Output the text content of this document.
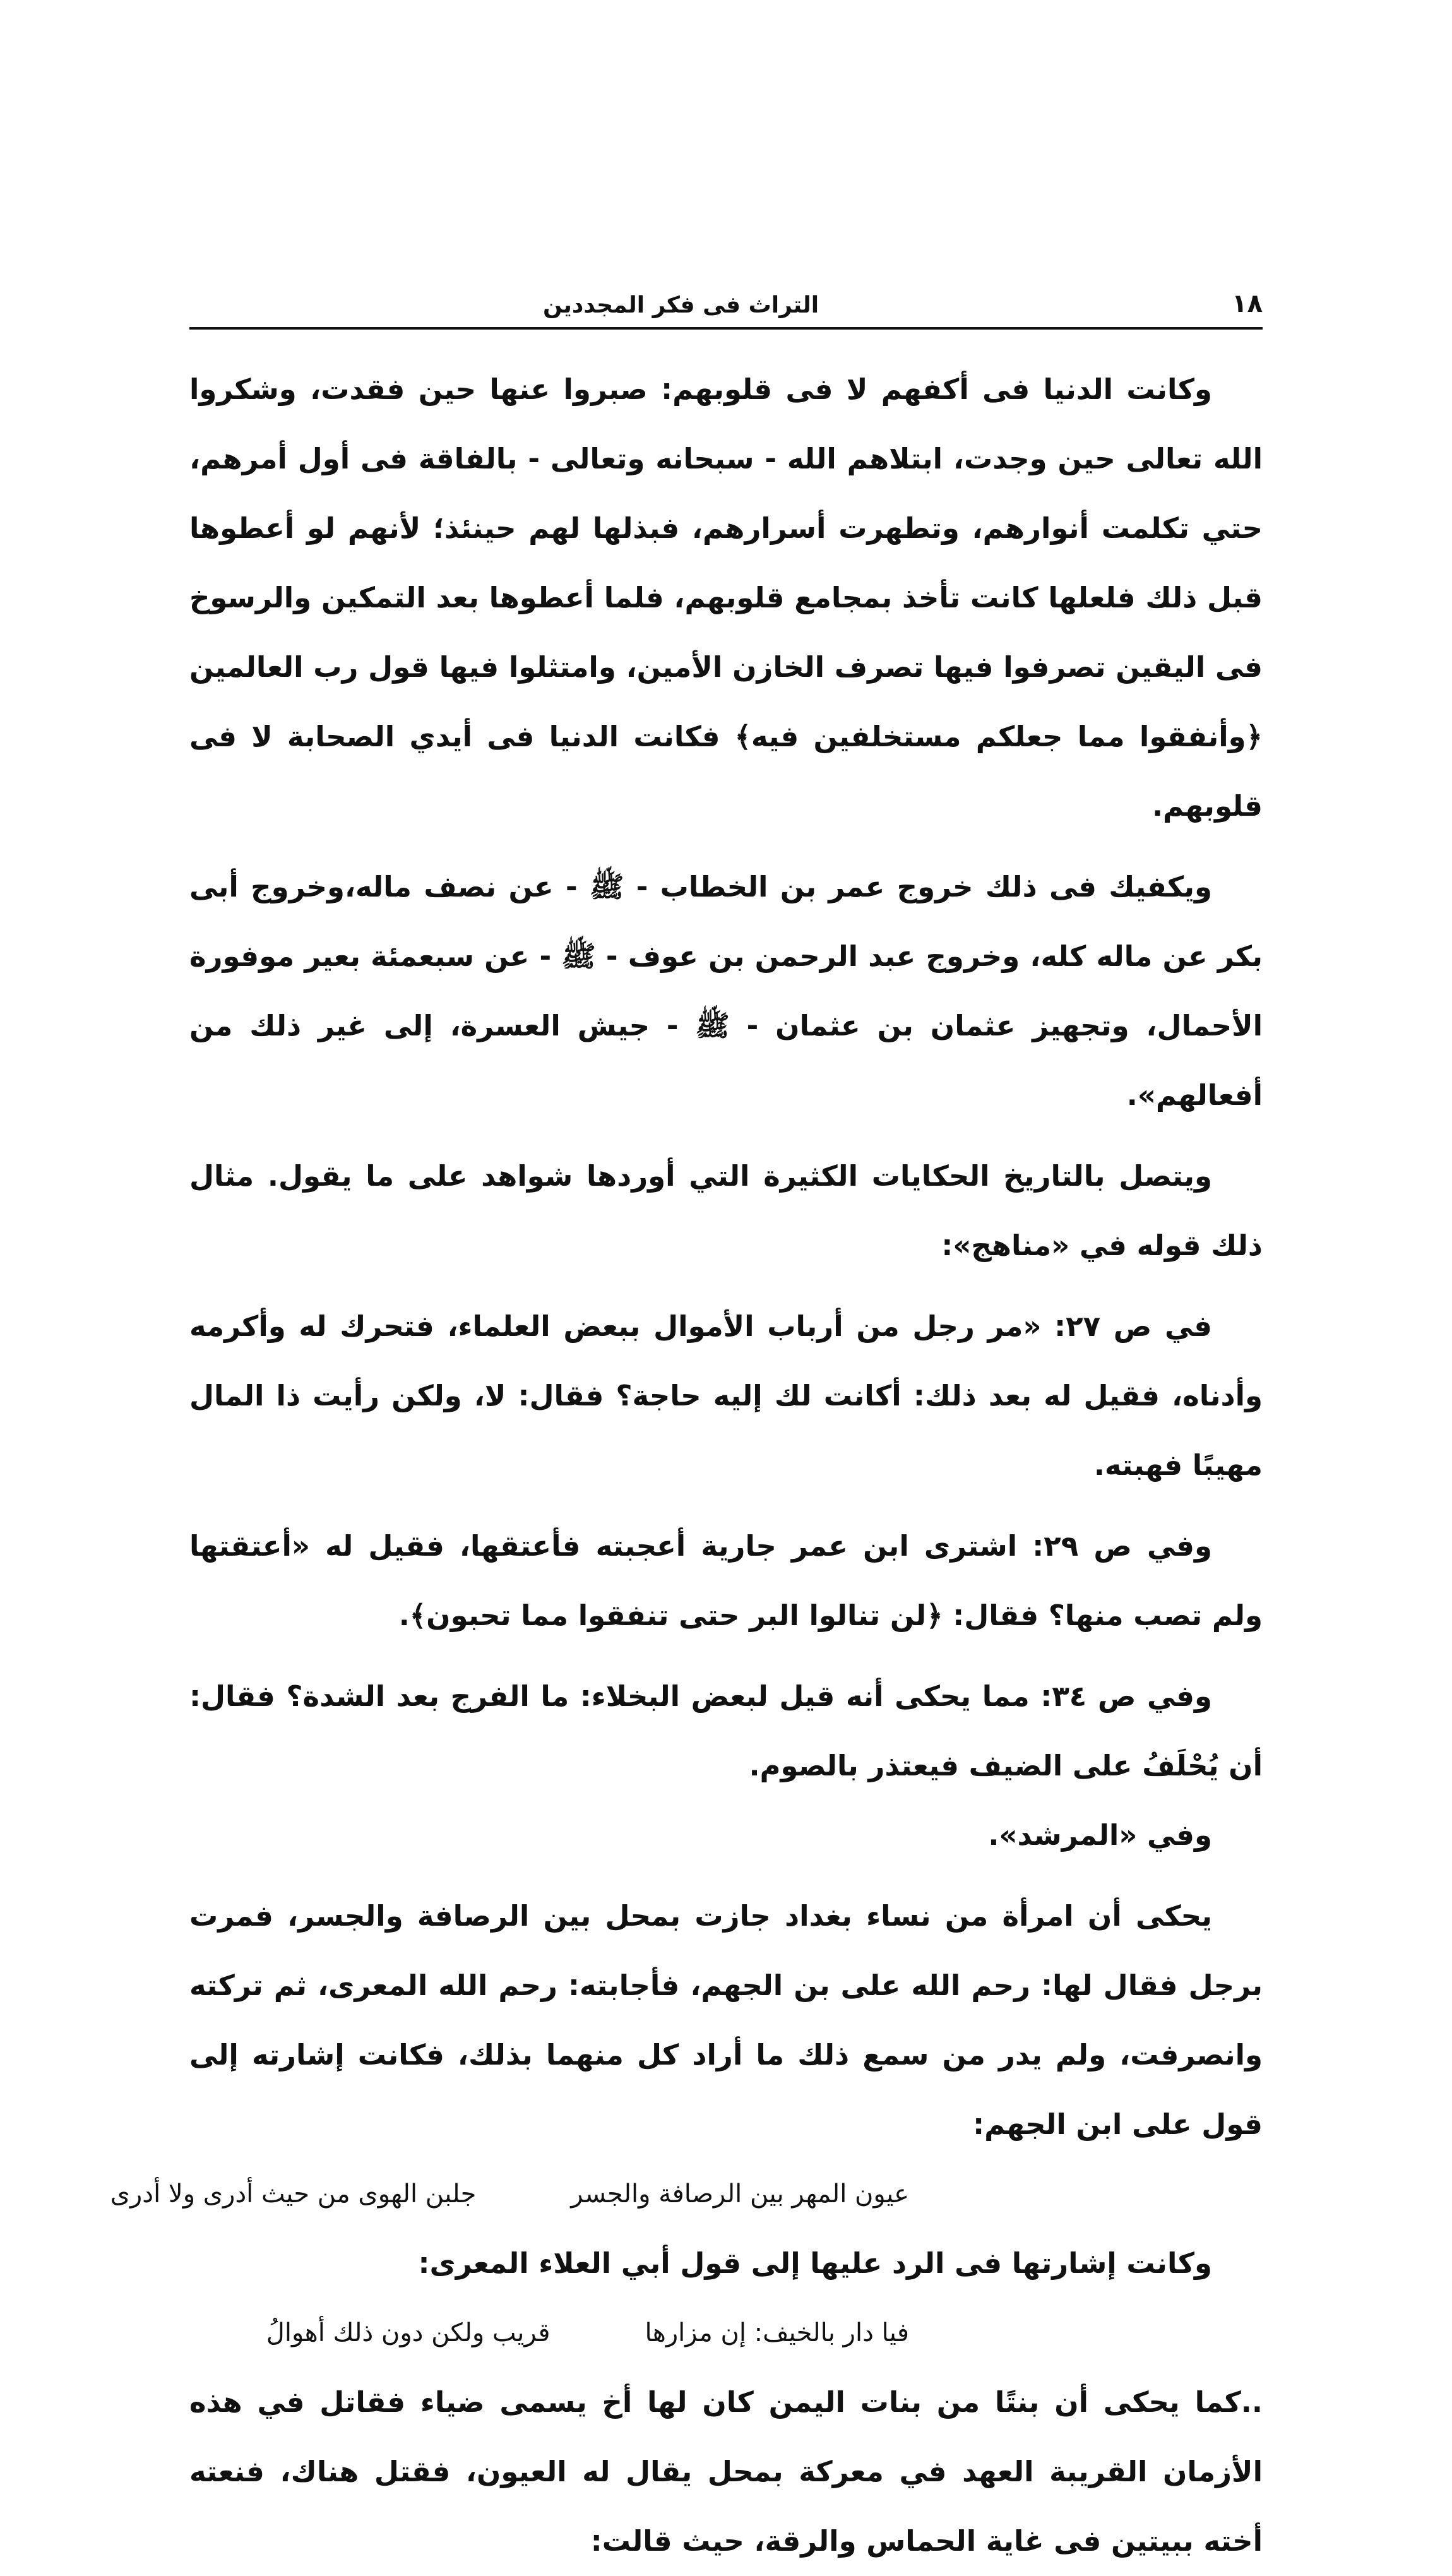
١٨
التراث فى فكر المجددين

وكانت الدنيا فى أكفهم لا فى قلوبهم: صبروا عنها حين فقدت، وشكروا الله تعالى حين وجدت، ابتلاهم الله - سبحانه وتعالى - بالفاقة فى أول أمرهم، حتي تكلمت أنوارهم، وتطهرت أسرارهم، فبذلها لهم حينئذ؛ لأنهم لو أعطوها قبل ذلك فلعلها كانت تأخذ بمجامع قلوبهم، فلما أعطوها بعد التمكين والرسوخ فى اليقين تصرفوا فيها تصرف الخازن الأمين، وامتثلوا فيها قول رب العالمين ﴿وأنفقوا مما جعلكم مستخلفين فيه﴾ فكانت الدنيا فى أيدي الصحابة لا فى قلوبهم.

ويكفيك فى ذلك خروج عمر بن الخطاب - ﷺ - عن نصف ماله،وخروج أبى بكر عن ماله كله، وخروج عبد الرحمن بن عوف - ﷺ - عن سبعمئة بعير موفورة الأحمال، وتجهيز عثمان بن عثمان - ﷺ - جيش العسرة، إلى غير ذلك من أفعالهم».

ويتصل بالتاريخ الحكايات الكثيرة التي أوردها شواهد على ما يقول. مثال ذلك قوله في «مناهج»:

في ص ٢٧: «مر رجل من أرباب الأموال ببعض العلماء، فتحرك له وأكرمه وأدناه، فقيل له بعد ذلك: أكانت لك إليه حاجة؟ فقال: لا، ولكن رأيت ذا المال مهيبًا فهبته.

وفي ص ٢٩: اشترى ابن عمر جارية أعجبته فأعتقها، فقيل له «أعتقتها ولم تصب منها؟ فقال: ﴿لن تنالوا البر حتى تنفقوا مما تحبون﴾.

وفي ص ٣٤: مما يحكى أنه قيل لبعض البخلاء: ما الفرج بعد الشدة؟ فقال: أن يُحْلَفُ على الضيف فيعتذر بالصوم.

وفي «المرشد».

يحكى أن امرأة من نساء بغداد جازت بمحل بين الرصافة والجسر، فمرت برجل فقال لها: رحم الله على بن الجهم، فأجابته: رحم الله المعرى، ثم تركته وانصرفت، ولم يدر من سمع ذلك ما أراد كل منهما بذلك، فكانت إشارته إلى قول على ابن الجهم:

عيون المهر بين الرصافة والجسر
جلبن الهوى من حيث أدرى ولا أدرى

وكانت إشارتها فى الرد عليها إلى قول أبي العلاء المعرى:

فيا دار بالخيف: إن مزارها
قريب ولكن دون ذلك أهوالُ

..كما يحكى أن بنتًا من بنات اليمن كان لها أخ يسمى ضياء فقاتل في هذه الأزمان القريبة العهد في معركة بمحل يقال له العيون، فقتل هناك، فنعته أخته ببيتين فى غاية الحماس والرقة، حيث قالت:
